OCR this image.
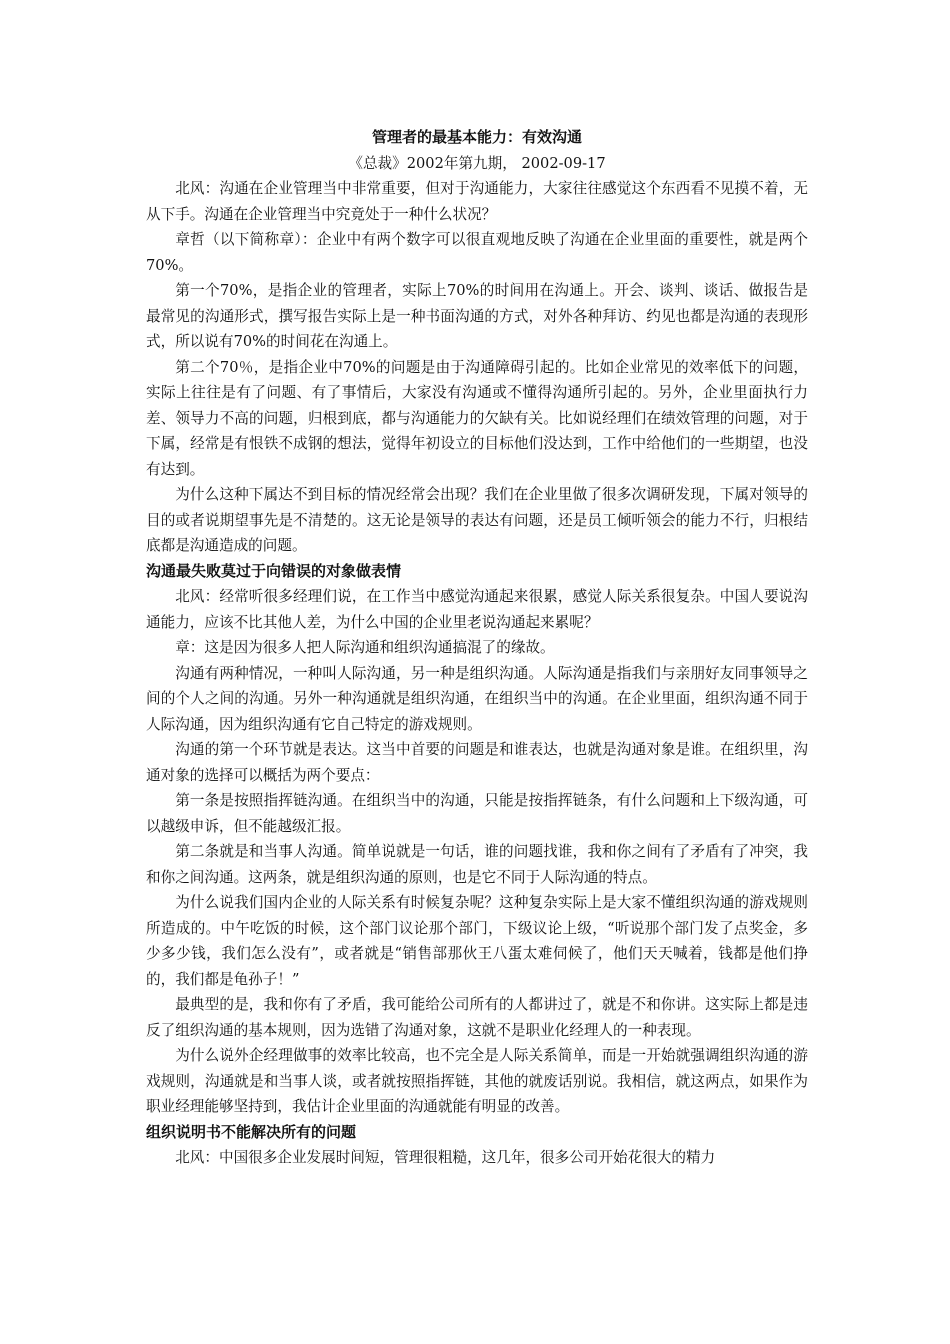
管理者的最基本能力：有效沟通
《总裁》2002年第九期， 2002-09-17

北风：沟通在企业管理当中非常重要，但对于沟通能力，大家往往感觉这个东西看不见摸不着，无从下手。沟通在企业管理当中究竟处于一种什么状况？

章哲（以下简称章）：企业中有两个数字可以很直观地反映了沟通在企业里面的重要性，就是两个70%。

第一个70%，是指企业的管理者，实际上70%的时间用在沟通上。开会、谈判、谈话、做报告是最常见的沟通形式，撰写报告实际上是一种书面沟通的方式，对外各种拜访、约见也都是沟通的表现形式，所以说有70%的时间花在沟通上。

第二个70％，是指企业中70%的问题是由于沟通障碍引起的。比如企业常见的效率低下的问题，实际上往往是有了问题、有了事情后，大家没有沟通或不懂得沟通所引起的。另外，企业里面执行力差、领导力不高的问题，归根到底，都与沟通能力的欠缺有关。比如说经理们在绩效管理的问题，对于下属，经常是有恨铁不成钢的想法，觉得年初设立的目标他们没达到，工作中给他们的一些期望，也没有达到。

为什么这种下属达不到目标的情况经常会出现？我们在企业里做了很多次调研发现，下属对领导的目的或者说期望事先是不清楚的。这无论是领导的表达有问题，还是员工倾听领会的能力不行，归根结底都是沟通造成的问题。

沟通最失败莫过于向错误的对象做表情

北风：经常听很多经理们说，在工作当中感觉沟通起来很累，感觉人际关系很复杂。中国人要说沟通能力，应该不比其他人差，为什么中国的企业里老说沟通起来累呢？

章：这是因为很多人把人际沟通和组织沟通搞混了的缘故。

沟通有两种情况，一种叫人际沟通，另一种是组织沟通。人际沟通是指我们与亲朋好友同事领导之间的个人之间的沟通。另外一种沟通就是组织沟通，在组织当中的沟通。在企业里面，组织沟通不同于人际沟通，因为组织沟通有它自己特定的游戏规则。

沟通的第一个环节就是表达。这当中首要的问题是和谁表达，也就是沟通对象是谁。在组织里，沟通对象的选择可以概括为两个要点：

第一条是按照指挥链沟通。在组织当中的沟通，只能是按指挥链条，有什么问题和上下级沟通，可以越级申诉，但不能越级汇报。

第二条就是和当事人沟通。简单说就是一句话，谁的问题找谁，我和你之间有了矛盾有了冲突，我和你之间沟通。这两条，就是组织沟通的原则，也是它不同于人际沟通的特点。

为什么说我们国内企业的人际关系有时候复杂呢？这种复杂实际上是大家不懂组织沟通的游戏规则所造成的。中午吃饭的时候，这个部门议论那个部门，下级议论上级，“听说那个部门发了点奖金，多少多少钱，我们怎么没有”，或者就是“销售部那伙王八蛋太难伺候了，他们天天喊着，钱都是他们挣的，我们都是龟孙子！”

最典型的是，我和你有了矛盾，我可能给公司所有的人都讲过了，就是不和你讲。这实际上都是违反了组织沟通的基本规则，因为选错了沟通对象，这就不是职业化经理人的一种表现。

为什么说外企经理做事的效率比较高，也不完全是人际关系简单，而是一开始就强调组织沟通的游戏规则，沟通就是和当事人谈，或者就按照指挥链，其他的就废话别说。我相信，就这两点，如果作为职业经理能够坚持到，我估计企业里面的沟通就能有明显的改善。

组织说明书不能解决所有的问题

北风：中国很多企业发展时间短，管理很粗糙，这几年，很多公司开始花很大的精力
